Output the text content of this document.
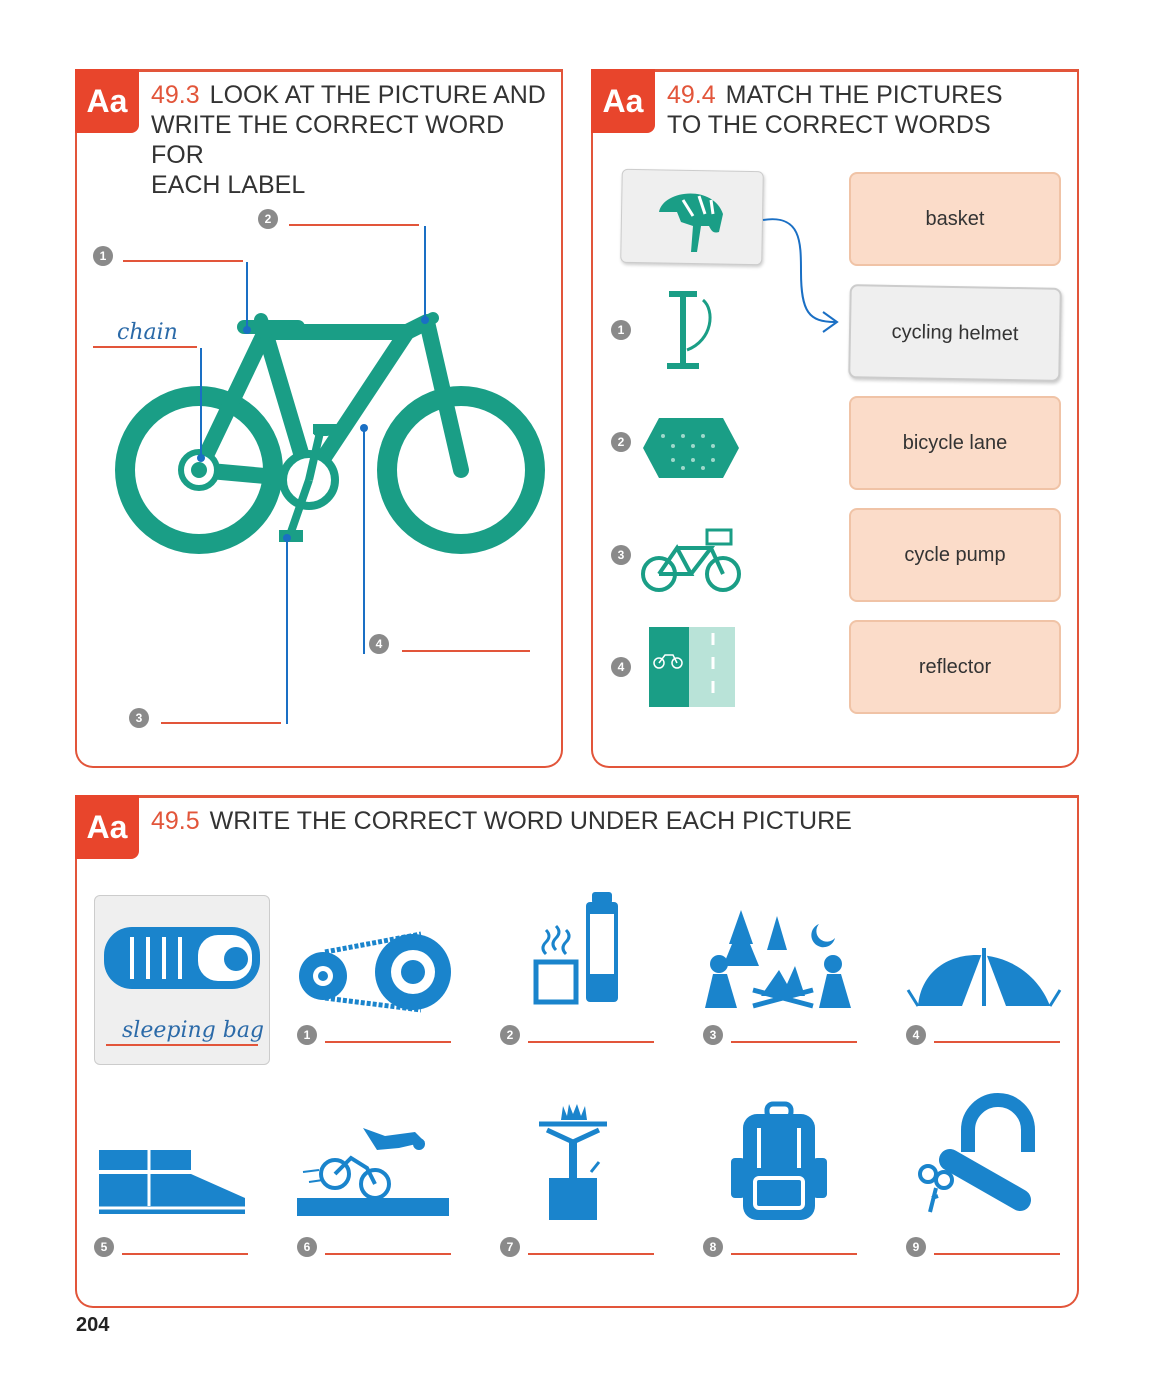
Aa 49.3 LOOK AT THE PICTURE AND
WRITE THE CORRECT WORD FOR
EACH LABEL
1
2
chain
3
4
Aa 49.4 MATCH THE PICTURES
TO THE CORRECT WORDS
1
2
3
4
basket
cycling helmet
bicycle lane
cycle pump
reflector
Aa 49.5 WRITE THE CORRECT WORD UNDER EACH PICTURE
sleeping bag	1	2	3	4
5	6	7	8	9
204
